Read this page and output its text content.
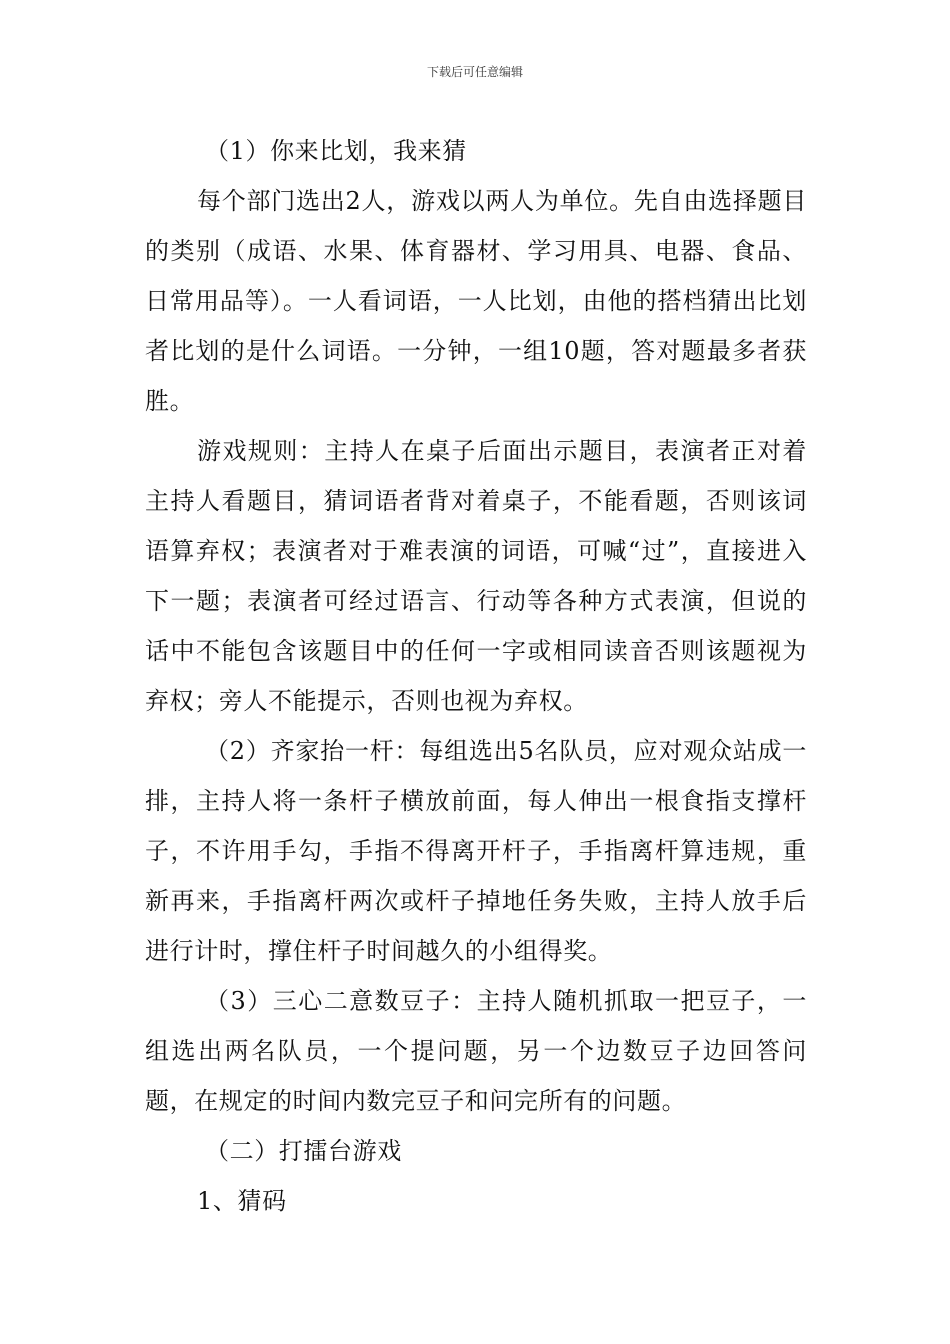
下载后可任意编辑

（1）你来比划，我来猜

每个部门选出2人，游戏以两人为单位。先自由选择题目的类别（成语、水果、体育器材、学习用具、电器、食品、日常用品等）。一人看词语，一人比划，由他的搭档猜出比划者比划的是什么词语。一分钟，一组10题，答对题最多者获胜。

游戏规则：主持人在桌子后面出示题目，表演者正对着主持人看题目，猜词语者背对着桌子，不能看题，否则该词语算弃权；表演者对于难表演的词语，可喊“过”，直接进入下一题；表演者可经过语言、行动等各种方式表演，但说的话中不能包含该题目中的任何一字或相同读音否则该题视为弃权；旁人不能提示，否则也视为弃权。

（2）齐家抬一杆：每组选出5名队员，应对观众站成一排，主持人将一条杆子横放前面，每人伸出一根食指支撑杆子，不许用手勾，手指不得离开杆子，手指离杆算违规，重新再来，手指离杆两次或杆子掉地任务失败，主持人放手后进行计时，撑住杆子时间越久的小组得奖。

（3）三心二意数豆子：主持人随机抓取一把豆子，一组选出两名队员，一个提问题，另一个边数豆子边回答问题，在规定的时间内数完豆子和问完所有的问题。

（二）打擂台游戏

1、猜码
